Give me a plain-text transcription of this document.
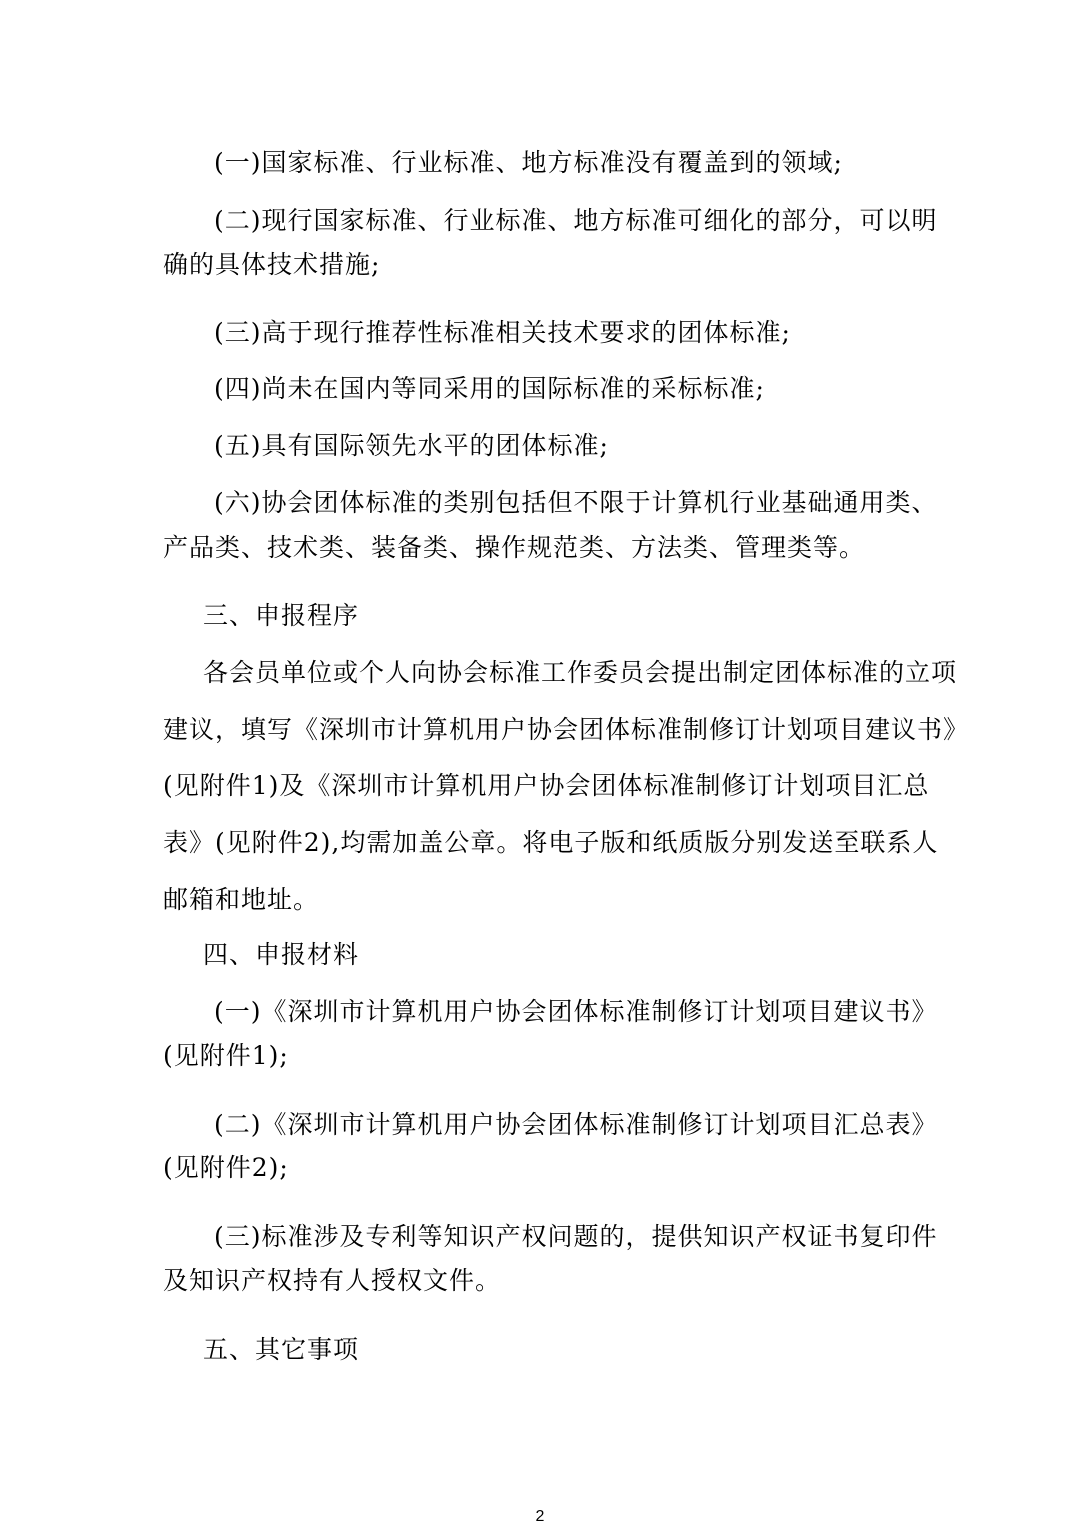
(一)国家标准、行业标准、地方标准没有覆盖到的领域;
(二)现行国家标准、行业标准、地方标准可细化的部分，可以明
确的具体技术措施;
(三)高于现行推荐性标准相关技术要求的团体标准;
(四)尚未在国内等同采用的国际标准的采标标准;
(五)具有国际领先水平的团体标准;
(六)协会团体标准的类别包括但不限于计算机行业基础通用类、
产品类、技术类、装备类、操作规范类、方法类、管理类等。
三、申报程序
各会员单位或个人向协会标准工作委员会提出制定团体标准的立项
建议，填写《深圳市计算机用户协会团体标准制修订计划项目建议书》
(见附件1)及《深圳市计算机用户协会团体标准制修订计划项目汇总
表》(见附件2),均需加盖公章。将电子版和纸质版分别发送至联系人
邮箱和地址。
四、申报材料
(一)《深圳市计算机用户协会团体标准制修订计划项目建议书》
(见附件1);
(二)《深圳市计算机用户协会团体标准制修订计划项目汇总表》
(见附件2);
(三)标准涉及专利等知识产权问题的，提供知识产权证书复印件
及知识产权持有人授权文件。
五、其它事项
2
